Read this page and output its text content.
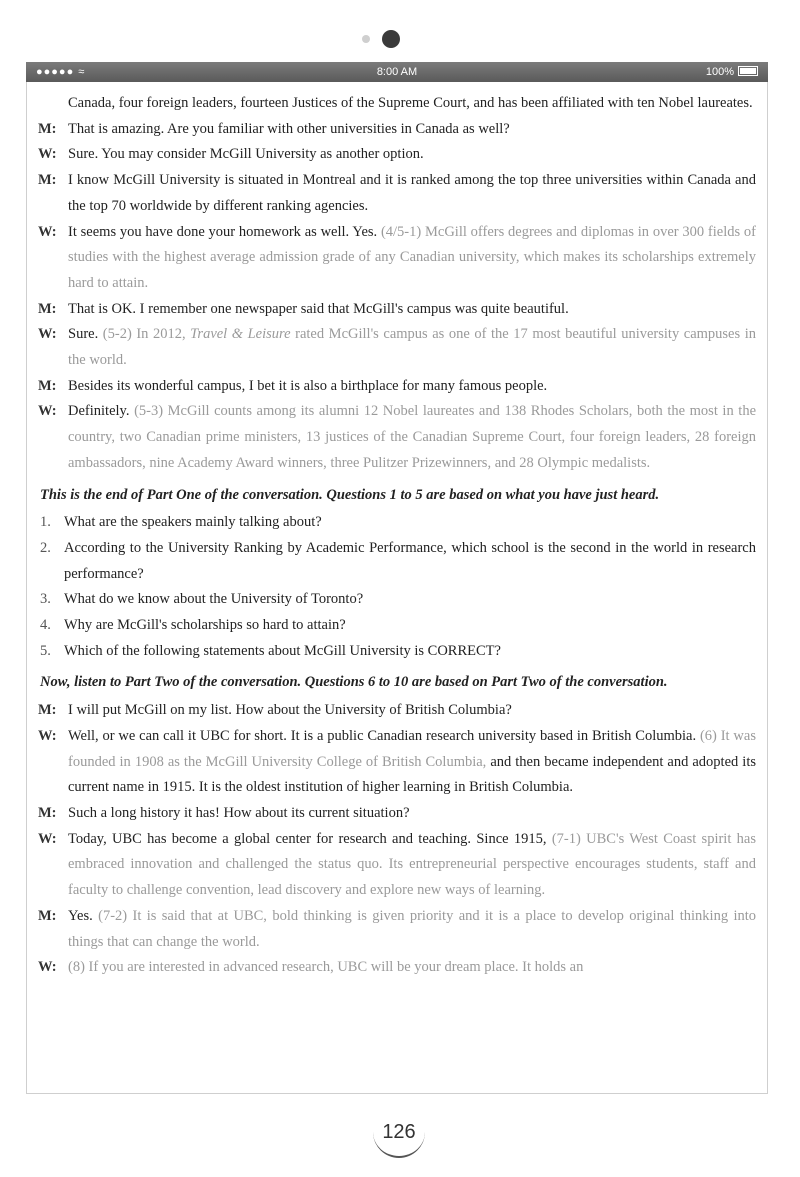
●●●●● ≈	8:00 AM	100%
Canada, four foreign leaders, fourteen Justices of the Supreme Court, and has been affiliated with ten Nobel laureates.
M: That is amazing. Are you familiar with other universities in Canada as well?
W: Sure. You may consider McGill University as another option.
M: I know McGill University is situated in Montreal and it is ranked among the top three universities within Canada and the top 70 worldwide by different ranking agencies.
W: It seems you have done your homework as well. Yes. (4/5-1) McGill offers degrees and diplomas in over 300 fields of studies with the highest average admission grade of any Canadian university, which makes its scholarships extremely hard to attain.
M: That is OK. I remember one newspaper said that McGill's campus was quite beautiful.
W: Sure. (5-2) In 2012, Travel & Leisure rated McGill's campus as one of the 17 most beautiful university campuses in the world.
M: Besides its wonderful campus, I bet it is also a birthplace for many famous people.
W: Definitely. (5-3) McGill counts among its alumni 12 Nobel laureates and 138 Rhodes Scholars, both the most in the country, two Canadian prime ministers, 13 justices of the Canadian Supreme Court, four foreign leaders, 28 foreign ambassadors, nine Academy Award winners, three Pulitzer Prizewinners, and 28 Olympic medalists.
This is the end of Part One of the conversation. Questions 1 to 5 are based on what you have just heard.
1. What are the speakers mainly talking about?
2. According to the University Ranking by Academic Performance, which school is the second in the world in research performance?
3. What do we know about the University of Toronto?
4. Why are McGill's scholarships so hard to attain?
5. Which of the following statements about McGill University is CORRECT?
Now, listen to Part Two of the conversation. Questions 6 to 10 are based on Part Two of the conversation.
M: I will put McGill on my list. How about the University of British Columbia?
W: Well, or we can call it UBC for short. It is a public Canadian research university based in British Columbia. (6) It was founded in 1908 as the McGill University College of British Columbia, and then became independent and adopted its current name in 1915. It is the oldest institution of higher learning in British Columbia.
M: Such a long history it has! How about its current situation?
W: Today, UBC has become a global center for research and teaching. Since 1915, (7-1) UBC's West Coast spirit has embraced innovation and challenged the status quo. Its entrepreneurial perspective encourages students, staff and faculty to challenge convention, lead discovery and explore new ways of learning.
M: Yes. (7-2) It is said that at UBC, bold thinking is given priority and it is a place to develop original thinking into things that can change the world.
W: (8) If you are interested in advanced research, UBC will be your dream place. It holds an
126
